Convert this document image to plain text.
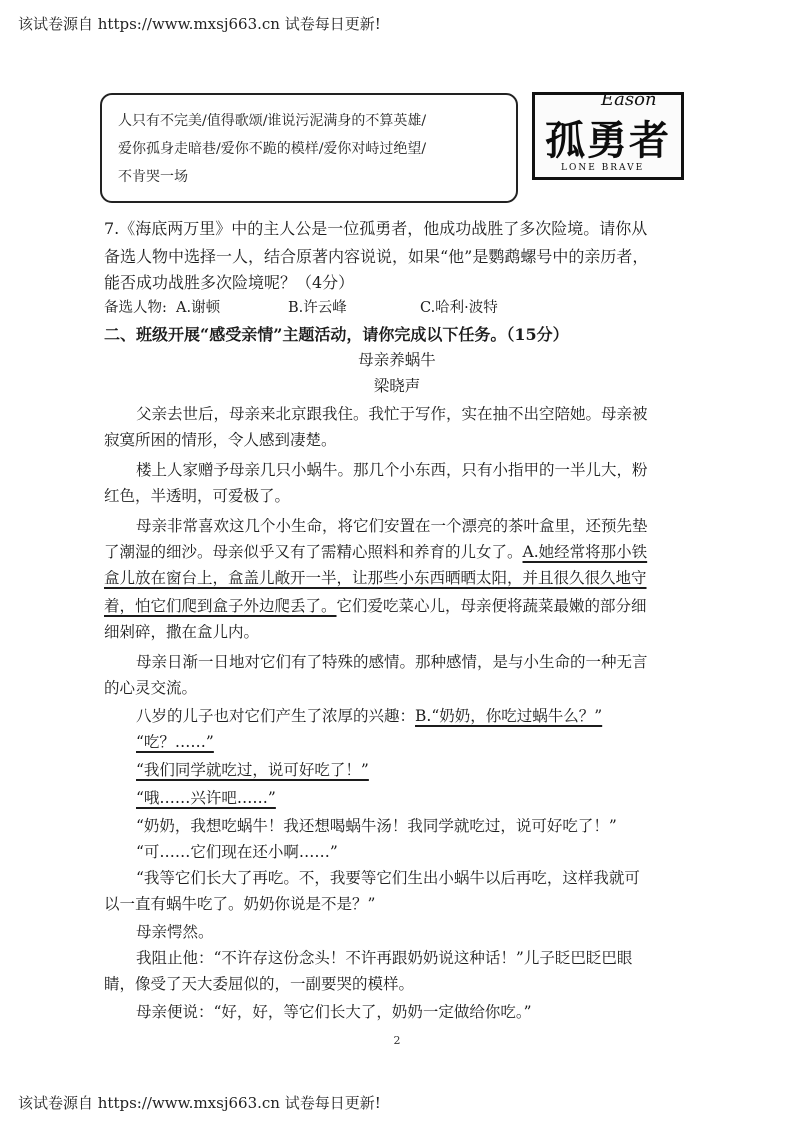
该试卷源自 https://www.mxsj663.cn 试卷每日更新!
人只有不完美/值得歌颂/谁说污泥满身的不算英雄/
爱你孤身走暗巷/爱你不跪的模样/爱你对峙过绝望/
不肯哭一场
Eason
孤勇者
LONE BRAVE
7.《海底两万里》中的主人公是一位孤勇者，他成功战胜了多次险境。请你从
备选人物中选择一人，结合原著内容说说，如果“他”是鹦鹉螺号中的亲历者，
能否成功战胜多次险境呢？（4分）
备选人物: A.谢顿	B.许云峰	C.哈利·波特
二、班级开展“感受亲情”主题活动，请你完成以下任务。（15分）
母亲养蜗牛
梁晓声
父亲去世后，母亲来北京跟我住。我忙于写作，实在抽不出空陪她。母亲被
寂寞所困的情形，令人感到凄楚。
楼上人家赠予母亲几只小蜗牛。那几个小东西，只有小指甲的一半儿大，粉
红色，半透明，可爱极了。
母亲非常喜欢这几个小生命，将它们安置在一个漂亮的茶叶盒里，还预先垫
了潮湿的细沙。母亲似乎又有了需精心照料和养育的儿女了。A.她经常将那小铁
盒儿放在窗台上，盒盖儿敞开一半，让那些小东西晒晒太阳，并且很久很久地守
着，怕它们爬到盒子外边爬丢了。它们爱吃菜心儿，母亲便将蔬菜最嫩的部分细
细剁碎，撒在盒儿内。
母亲日渐一日地对它们有了特殊的感情。那种感情，是与小生命的一种无言
的心灵交流。
八岁的儿子也对它们产生了浓厚的兴趣：B.“奶奶，你吃过蜗牛么？”
“吃？……”
“我们同学就吃过，说可好吃了！”
“哦……兴许吧……”
“奶奶，我想吃蜗牛！我还想喝蜗牛汤！我同学就吃过，说可好吃了！”
“可……它们现在还小啊……”
“我等它们长大了再吃。不，我要等它们生出小蜗牛以后再吃，这样我就可
以一直有蜗牛吃了。奶奶你说是不是？”
母亲愕然。
我阻止他：“不许存这份念头！不许再跟奶奶说这种话！”儿子眨巴眨巴眼
睛，像受了天大委屈似的，一副要哭的模样。
母亲便说：“好，好，等它们长大了，奶奶一定做给你吃。”
2
该试卷源自 https://www.mxsj663.cn 试卷每日更新!
